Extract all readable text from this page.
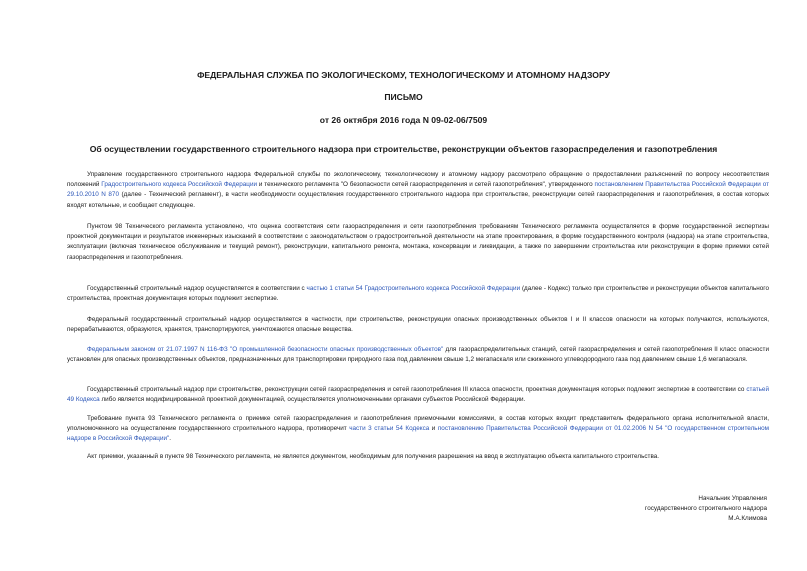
ФЕДЕРАЛЬНАЯ СЛУЖБА ПО ЭКОЛОГИЧЕСКОМУ, ТЕХНОЛОГИЧЕСКОМУ И АТОМНОМУ НАДЗОРУ
ПИСЬМО
от 26 октября 2016 года N 09-02-06/7509
Об осуществлении государственного строительного надзора при строительстве, реконструкции объектов газораспределения и газопотребления

Управление государственного строительного надзора Федеральной службы по экологическому, технологическому и атомному надзору рассмотрело обращение о предоставлении разъяснений по вопросу несоответствия положений Градостроительного кодекса Российской Федерации и технического регламента "О безопасности сетей газораспределения и сетей газопотребления", утвержденного постановлением Правительства Российской Федерации от 29.10.2010 N 870 (далее - Технический регламент), в части необходимости осуществления государственного строительного надзора при строительстве, реконструкции сетей газораспределения и газопотребления, в состав которых входят котельные, и сообщает следующее.

Пунктом 98 Технического регламента установлено, что оценка соответствия сети газораспределения и сети газопотребления требованиям Технического регламента осуществляется в форме государственной экспертизы проектной документации и результатов инженерных изысканий в соответствии с законодательством о градостроительной деятельности на этапе проектирования, в форме государственного контроля (надзора) на этапе строительства, эксплуатации (включая техническое обслуживание и текущий ремонт), реконструкции, капитального ремонта, монтажа, консервации и ликвидации, а также по завершении строительства или реконструкции в форме приемки сетей газораспределения и газопотребления.

Государственный строительный надзор осуществляется в соответствии с частью 1 статьи 54 Градостроительного кодекса Российской Федерации (далее - Кодекс) только при строительстве и реконструкции объектов капитального строительства, проектная документация которых подлежит экспертизе.

Федеральный государственный строительный надзор осуществляется в частности, при строительстве, реконструкции опасных производственных объектов I и II классов опасности на которых получаются, используются, перерабатываются, образуются, хранятся, транспортируются, уничтожаются опасные вещества.

Федеральным законом от 21.07.1997 N 116-ФЗ "О промышленной безопасности опасных производственных объектов" для газораспределительных станций, сетей газораспределения и сетей газопотребления II класс опасности установлен для опасных производственных объектов, предназначенных для транспортировки природного газа под давлением свыше 1,2 мегапаскаля или сжиженного углеводородного газа под давлением свыше 1,6 мегапаскаля.

Государственный строительный надзор при строительстве, реконструкции сетей газораспределения и сетей газопотребления III класса опасности, проектная документация которых подлежит экспертизе в соответствии со статьей 49 Кодекса либо является модифицированной проектной документацией, осуществляется уполномоченными органами субъектов Российской Федерации.

Требование пункта 93 Технического регламента о приемке сетей газораспределения и газопотребления приемочными комиссиями, в состав которых входит представитель федерального органа исполнительной власти, уполномоченного на осуществление государственного строительного надзора, противоречит части 3 статьи 54 Кодекса и постановлению Правительства Российской Федерации от 01.02.2006 N 54 "О государственном строительном надзоре в Российской Федерации".

Акт приемки, указанный в пункте 98 Технического регламента, не является документом, необходимым для получения разрешения на ввод в эксплуатацию объекта капитального строительства.

Начальник Управления
государственного строительного надзора
М.А.Климова
